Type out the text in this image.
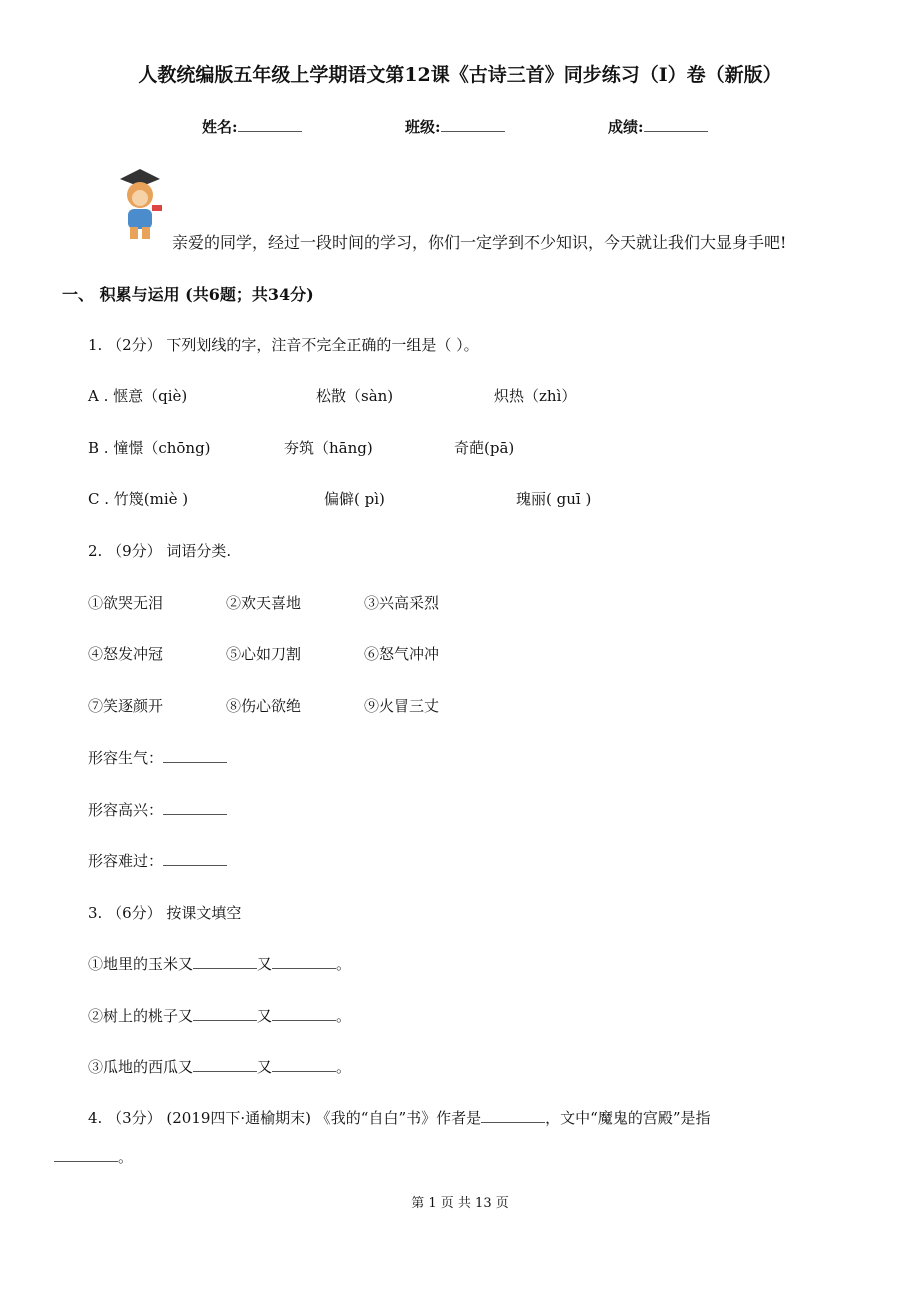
人教统编版五年级上学期语文第12课《古诗三首》同步练习（I）卷（新版）
姓名:	班级:	成绩:
亲爱的同学，经过一段时间的学习，你们一定学到不少知识，今天就让我们大显身手吧!
一、 积累与运用 (共6题；共34分)
1. （2分） 下列划线的字，注音不完全正确的一组是（ ）。
A . 惬意（qiè)	松散（sàn)	炽热（zhì）
B . 憧憬（chōng)	夯筑（hāng)	奇葩(pā)
C . 竹篾(miè )	偏僻( pì)	瑰丽( guī )
2. （9分） 词语分类.
①欲哭无泪	②欢天喜地	③兴高采烈
④怒发冲冠	⑤心如刀割	⑥怒气冲冲
⑦笑逐颜开	⑧伤心欲绝	⑨火冒三丈
形容生气：
形容高兴：
形容难过：
3. （6分） 按课文填空
①地里的玉米又	又	。
②树上的桃子又	又	。
③瓜地的西瓜又	又	。
4. （3分） (2019四下·通榆期末) 《我的“自白”书》作者是	，文中“魔鬼的宫殿”是指
。
第 1 页 共 13 页
